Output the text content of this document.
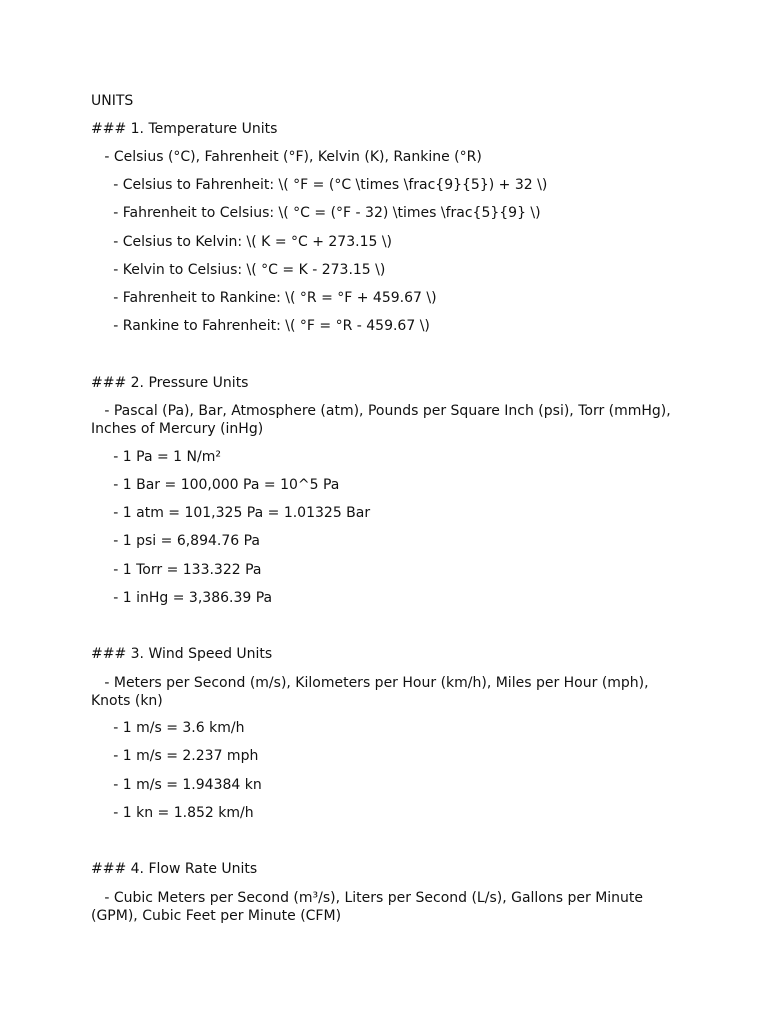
UNITS

### 1. Temperature Units

- Celsius (°C), Fahrenheit (°F), Kelvin (K), Rankine (°R)

- Celsius to Fahrenheit: \( °F = (°C \times \frac{9}{5}) + 32 \)

- Fahrenheit to Celsius: \( °C = (°F - 32) \times \frac{5}{9} \)

- Celsius to Kelvin: \( K = °C + 273.15 \)

- Kelvin to Celsius: \( °C = K - 273.15 \)

- Fahrenheit to Rankine: \( °R = °F + 459.67 \)

- Rankine to Fahrenheit: \( °F = °R - 459.67 \)

### 2. Pressure Units

- Pascal (Pa), Bar, Atmosphere (atm), Pounds per Square Inch (psi), Torr (mmHg), Inches of Mercury (inHg)

- 1 Pa = 1 N/m²

- 1 Bar = 100,000 Pa = 10^5 Pa

- 1 atm = 101,325 Pa = 1.01325 Bar

- 1 psi = 6,894.76 Pa

- 1 Torr = 133.322 Pa

- 1 inHg = 3,386.39 Pa

### 3. Wind Speed Units

- Meters per Second (m/s), Kilometers per Hour (km/h), Miles per Hour (mph), Knots (kn)

- 1 m/s = 3.6 km/h

- 1 m/s = 2.237 mph

- 1 m/s = 1.94384 kn

- 1 kn = 1.852 km/h

### 4. Flow Rate Units

- Cubic Meters per Second (m³/s), Liters per Second (L/s), Gallons per Minute (GPM), Cubic Feet per Minute (CFM)
